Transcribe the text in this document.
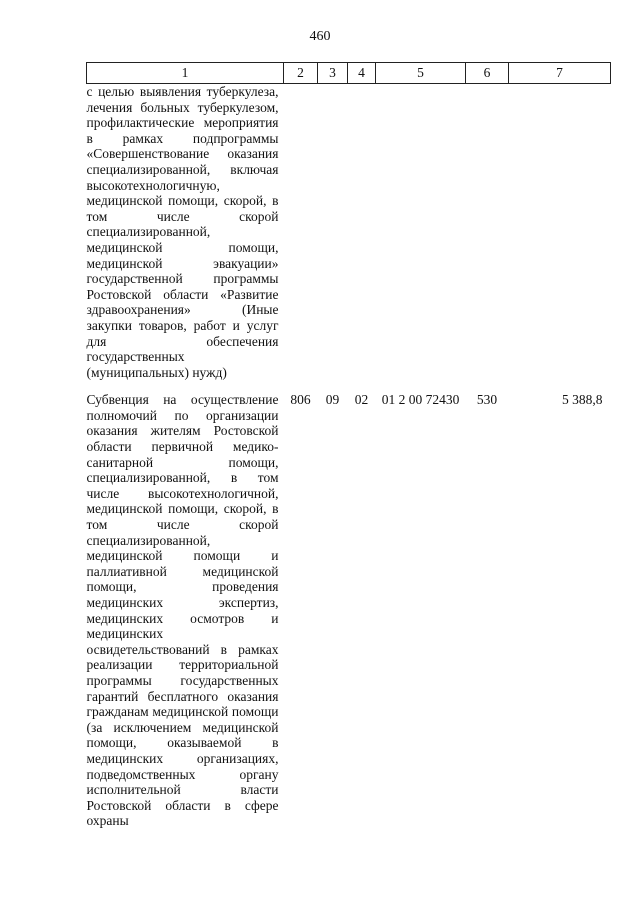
460
1	2	3	4	5	6	7
с целью выявления туберкулеза, лечения больных туберкулезом, профилактические мероприятия в рамках подпрограммы «Совершенствование оказания специализированной, включая высокотехнологичную, медицинской помощи, скорой, в том числе скорой специализированной, медицинской помощи, медицинской эвакуации» государственной программы Ростовской области «Развитие здравоохранения» (Иные закупки товаров, работ и услуг для обеспечения государственных (муниципальных) нужд)						
Субвенция на осуществление полномочий по организации оказания жителям Ростовской области первичной медико-санитарной помощи, специализированной, в том числе высокотехнологичной, медицинской помощи, скорой, в том числе скорой специализированной, медицинской помощи и паллиативной медицинской помощи, проведения медицинских экспертиз, медицинских осмотров и медицинских освидетельствований в рамках реализации территориальной программы государственных гарантий бесплатного оказания гражданам медицинской помощи (за исключением медицинской помощи, оказываемой в медицинских организациях, подведомственных органу исполнительной власти Ростовской области в сфере охраны	806	09	02	01 2 00 72430	530	5 388,8
